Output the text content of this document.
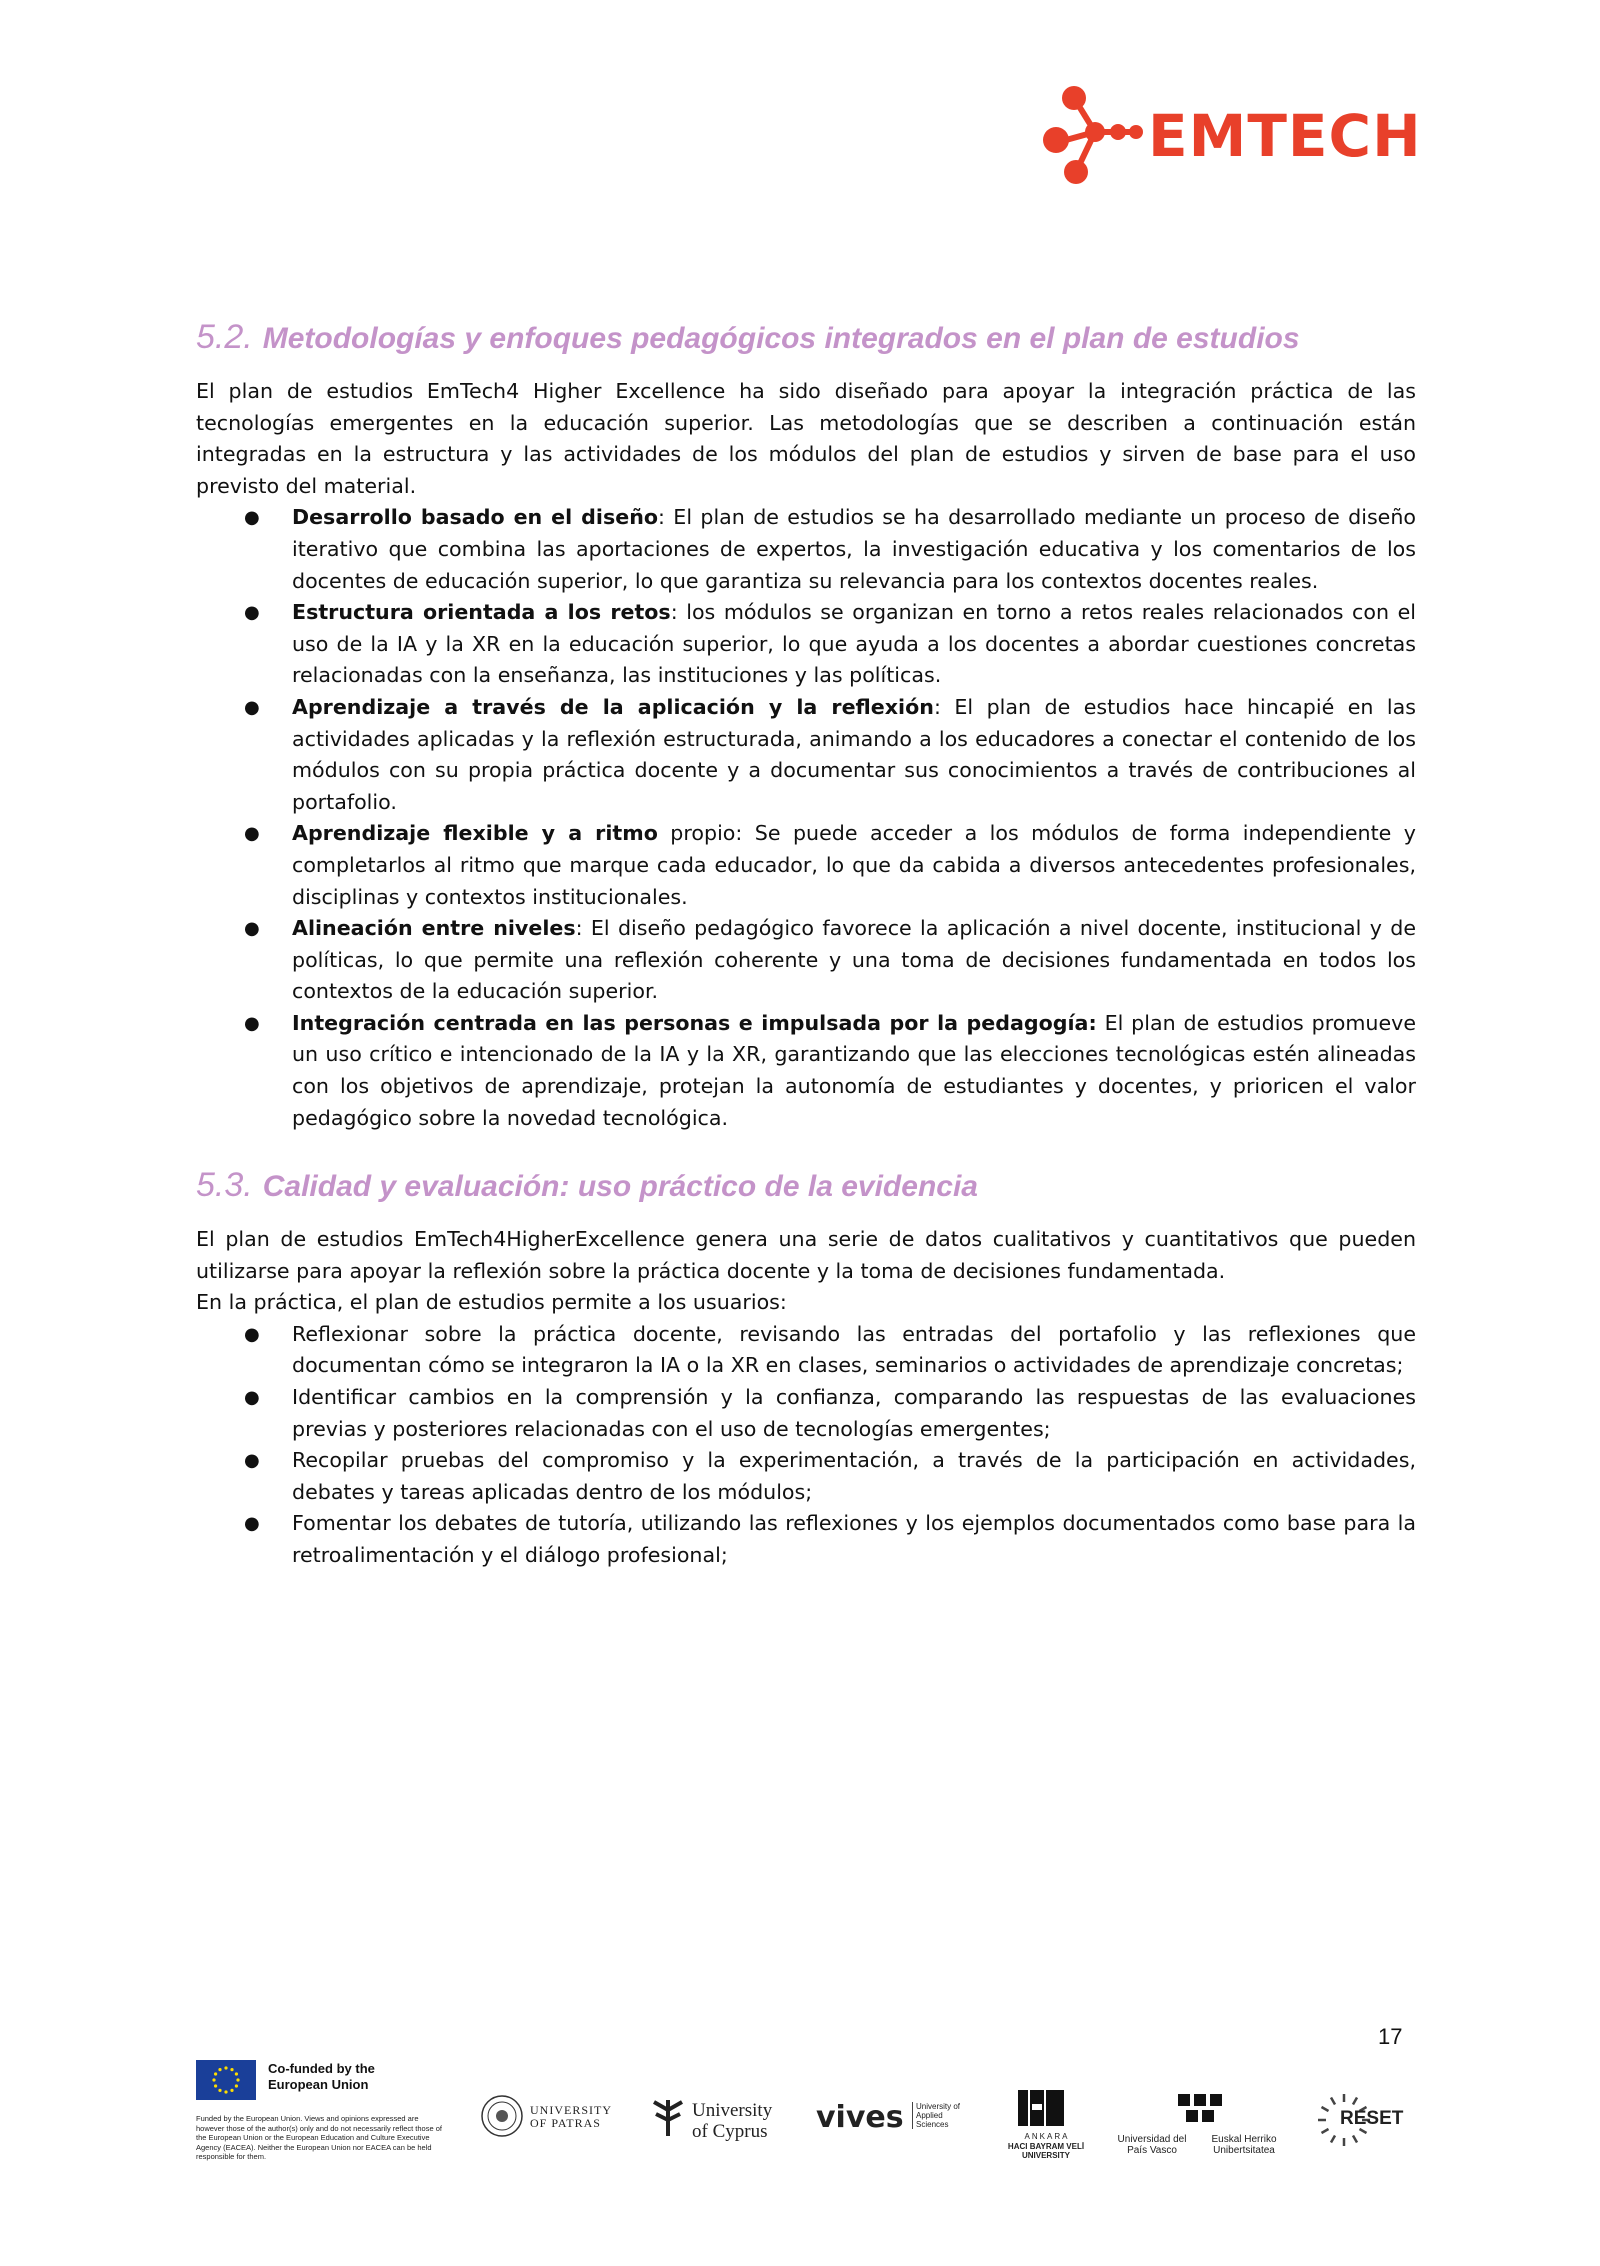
EMTECH
5.2. Metodologías y enfoques pedagógicos integrados en el plan de estudios

El plan de estudios EmTech4 Higher Excellence ha sido diseñado para apoyar la integración práctica de las tecnologías emergentes en la educación superior. Las metodologías que se describen a continuación están integradas en la estructura y las actividades de los módulos del plan de estudios y sirven de base para el uso previsto del material.

● Desarrollo basado en el diseño: El plan de estudios se ha desarrollado mediante un proceso de diseño iterativo que combina las aportaciones de expertos, la investigación educativa y los comentarios de los docentes de educación superior, lo que garantiza su relevancia para los contextos docentes reales.
● Estructura orientada a los retos: los módulos se organizan en torno a retos reales relacionados con el uso de la IA y la XR en la educación superior, lo que ayuda a los docentes a abordar cuestiones concretas relacionadas con la enseñanza, las instituciones y las políticas.
● Aprendizaje a través de la aplicación y la reflexión: El plan de estudios hace hincapié en las actividades aplicadas y la reflexión estructurada, animando a los educadores a conectar el contenido de los módulos con su propia práctica docente y a documentar sus conocimientos a través de contribuciones al portafolio.
● Aprendizaje flexible y a ritmo propio: Se puede acceder a los módulos de forma independiente y completarlos al ritmo que marque cada educador, lo que da cabida a diversos antecedentes profesionales, disciplinas y contextos institucionales.
● Alineación entre niveles: El diseño pedagógico favorece la aplicación a nivel docente, institucional y de políticas, lo que permite una reflexión coherente y una toma de decisiones fundamentada en todos los contextos de la educación superior.
● Integración centrada en las personas e impulsada por la pedagogía: El plan de estudios promueve un uso crítico e intencionado de la IA y la XR, garantizando que las elecciones tecnológicas estén alineadas con los objetivos de aprendizaje, protejan la autonomía de estudiantes y docentes, y prioricen el valor pedagógico sobre la novedad tecnológica.
5.3. Calidad y evaluación: uso práctico de la evidencia

El plan de estudios EmTech4HigherExcellence genera una serie de datos cualitativos y cuantitativos que pueden utilizarse para apoyar la reflexión sobre la práctica docente y la toma de decisiones fundamentada.

En la práctica, el plan de estudios permite a los usuarios:

● Reflexionar sobre la práctica docente, revisando las entradas del portafolio y las reflexiones que documentan cómo se integraron la IA o la XR en clases, seminarios o actividades de aprendizaje concretas;
● Identificar cambios en la comprensión y la confianza, comparando las respuestas de las evaluaciones previas y posteriores relacionadas con el uso de tecnologías emergentes;
● Recopilar pruebas del compromiso y la experimentación, a través de la participación en actividades, debates y tareas aplicadas dentro de los módulos;
● Fomentar los debates de tutoría, utilizando las reflexiones y los ejemplos documentados como base para la retroalimentación y el diálogo profesional;
17
Co-funded by the European Union
Funded by the European Union. Views and opinions expressed are however those of the author(s) only and do not necessarily reflect those of the European Union or the European Education and Culture Executive Agency (EACEA). Neither the European Union nor EACEA can be held responsible for them.
UNIVERSITY OF PATRAS
University of Cyprus	vives	University of Applied Sciences
ANKARA
HACI BAYRAM VELİ UNIVERSITY
Universidad del País Vasco
Euskal Herriko Unibertsitatea
RESET
